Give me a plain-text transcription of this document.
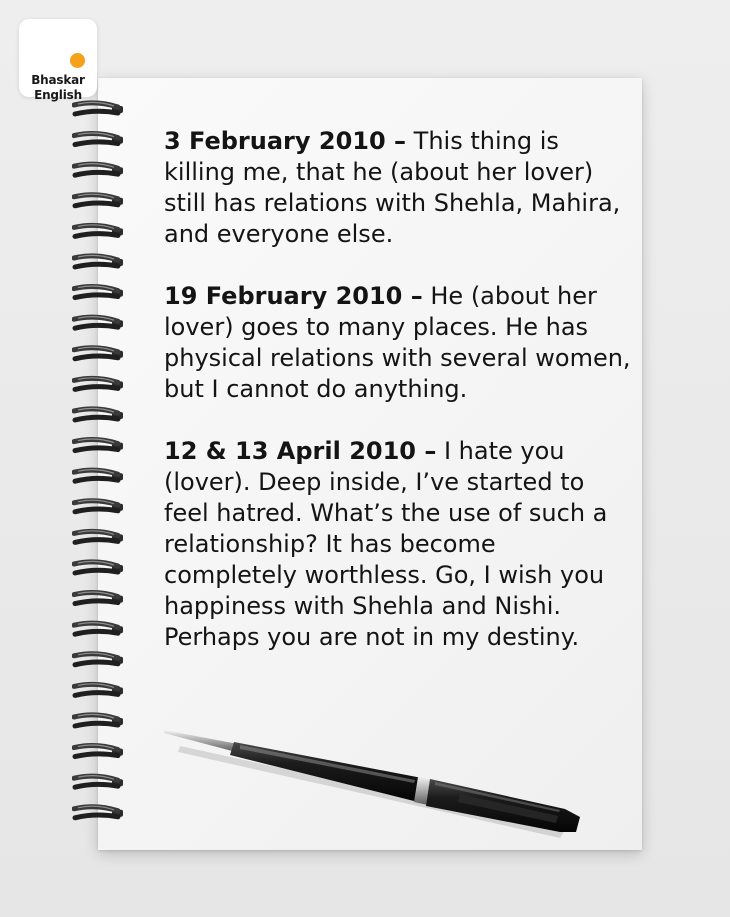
Bhaskar
English

3 February 2010 – This thing is killing me, that he (about her lover) still has relations with Shehla, Mahira, and everyone else.

19 February 2010 – He (about her lover) goes to many places. He has physical relations with several women, but I cannot do anything.

12 & 13 April 2010 – I hate you (lover). Deep inside, I’ve started to feel hatred. What’s the use of such a relationship? It has become completely worthless. Go, I wish you happiness with Shehla and Nishi. Perhaps you are not in my destiny.
